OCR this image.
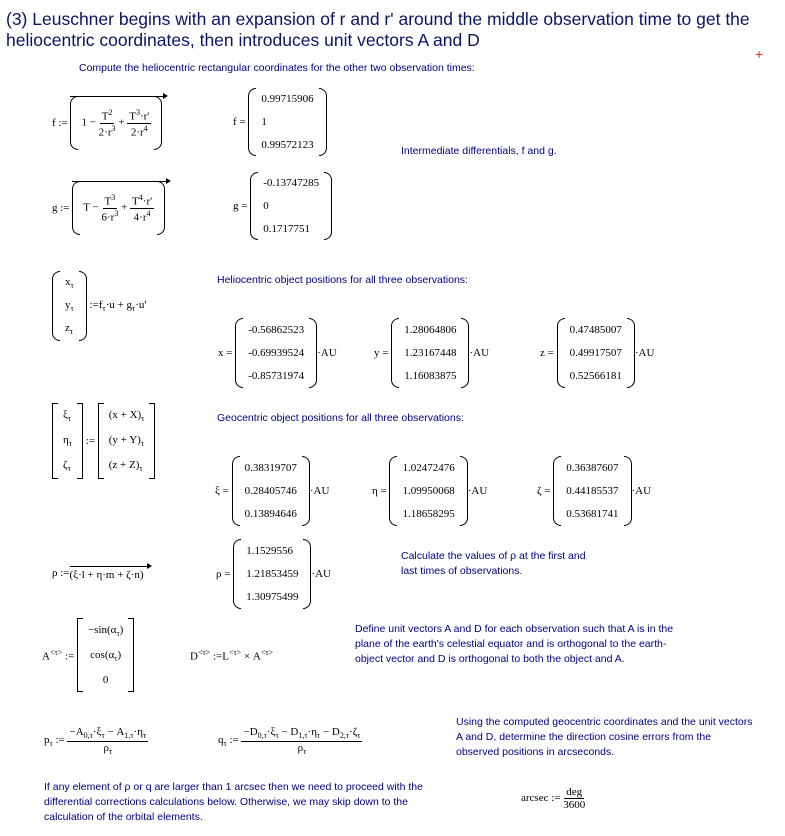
(3) Leuschner begins with an expansion of r and r' around the middle observation time to get the heliocentric coordinates, then introduces unit vectors A and D
+
Compute the heliocentric rectangular coordinates for the other two observation times:
f := $1 - \frac{T^2}{2\cdot r^3} + \frac{T^3\cdot r'}{2\cdot r^4}$	f =

0.99715906
1
0.99572123
Intermediate differentials, f and g.
g := $T - \frac{T^3}{6\cdot r^3} + \frac{T^4\cdot r'}{4\cdot r^4}$	g =

-0.13747285
0
0.1717751
$x_\tau$
$y_\tau$
$z_\tau$
$:=f_\tau\cdot u + g_\tau\cdot u'$
Heliocentric object positions for all three observations:
x =

-0.56862523
-0.69939524
-0.85731974
·AU	y =

1.28064806
1.23167448
1.16083875
·AU	z =

0.47485007
0.49917507
0.52566181
·AU
$\xi_\tau$
$\eta_\tau$
$\zeta_\tau$
:=
$(x + X)_\tau$
$(y + Y)_\tau$
$(z + Z)_\tau$
Geocentric object positions for all three observations:
ξ =

0.38319707
0.28405746
0.13894646
·AU	η =

1.02472476
1.09950068
1.18658295
·AU	ζ =

0.36387607
0.44185537
0.53681741
·AU
ρ := (ξ·l + η·m + ζ·n)	ρ =

1.1529556
1.21853459
1.30975499
·AU
Calculate the values of ρ at the first and last times of observations.
$A^{<\tau>}$ :=
$-\sin(\alpha_\tau)$
$\cos(\alpha_\tau)$
0
$D^{<\tau>}$ $:=L^{<\tau>} \times A^{<\tau>}$
Define unit vectors A and D for each observation such that A is in the plane of the earth's celestial equator and is orthogonal to the earth-object vector and D is orthogonal to both the object and A.
$p_\tau$ := $\frac{-A_{0,\tau}\cdot\xi_\tau - A_{1,\tau}\cdot\eta_\tau}{\rho_\tau}$	$q_\tau$ := $\frac{-D_{0,\tau}\cdot\xi_\tau - D_{1,\tau}\cdot\eta_\tau - D_{2,\tau}\cdot\zeta_\tau}{\rho_\tau}$
Using the computed geocentric coordinates and the unit vectors A and D, determine the direction cosine errors from the observed positions in arcseconds.
If any element of ρ or q are larger than 1 arcsec then we need to proceed with the differential corrections calculations below. Otherwise, we may skip down to the calculation of the orbital elements.
arcsec :=
$\frac{\text{deg}}{3600}$
